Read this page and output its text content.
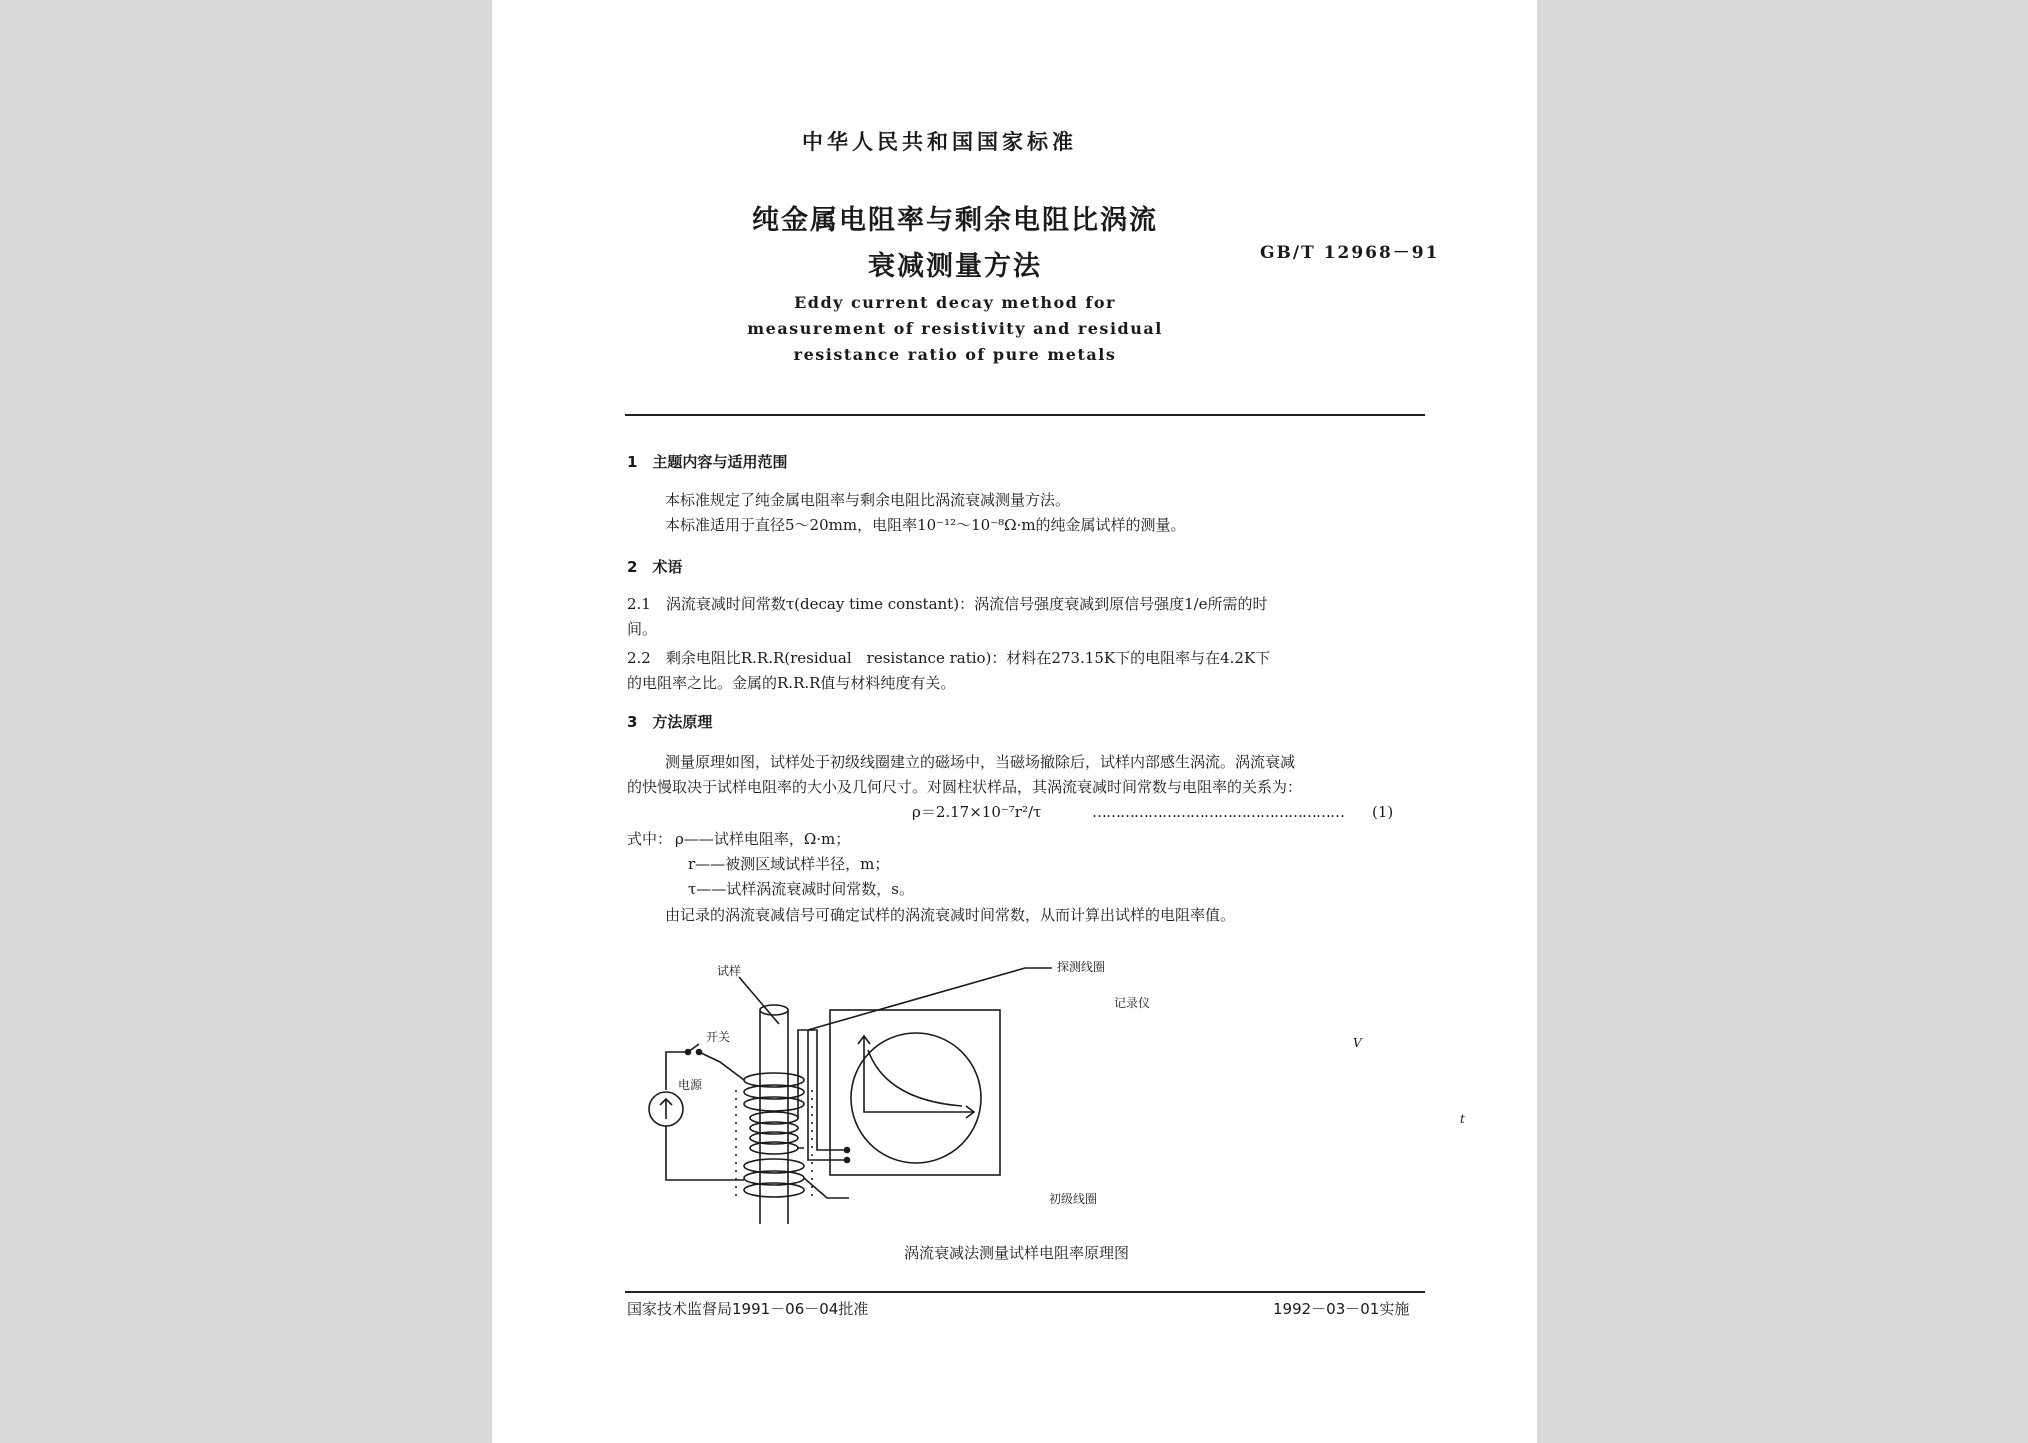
中华人民共和国国家标准
纯金属电阻率与剩余电阻比涡流
衰减测量方法	GB/T 12968－91
Eddy current decay method for
measurement of resistivity and residual
resistance ratio of pure metals
1　主题内容与适用范围
本标准规定了纯金属电阻率与剩余电阻比涡流衰减测量方法。
本标准适用于直径5～20mm，电阻率10⁻¹²～10⁻⁸Ω·m的纯金属试样的测量。
2　术语
2.1　涡流衰减时间常数τ(decay time constant)：涡流信号强度衰减到原信号强度1/e所需的时
间。
2.2　剩余电阻比R.R.R(residual　resistance ratio)：材料在273.15K下的电阻率与在4.2K下
的电阻率之比。金属的R.R.R值与材料纯度有关。
3　方法原理
测量原理如图，试样处于初级线圈建立的磁场中，当磁场撤除后，试样内部感生涡流。涡流衰减
的快慢取决于试样电阻率的大小及几何尺寸。对圆柱状样品，其涡流衰减时间常数与电阻率的关系为：
ρ＝2.17×10⁻⁷r²/τ	……………………………………………… (1)
式中： ρ——试样电阻率，Ω·m；
r——被测区域试样半径，m；
τ——试样涡流衰减时间常数，s。
由记录的涡流衰减信号可确定试样的涡流衰减时间常数，从而计算出试样的电阻率值。
试样	探测线圈
记录仪
开关
电源
初级线圈
V
t
涡流衰减法测量试样电阻率原理图
国家技术监督局1991－06－04批准	1992－03－01实施
